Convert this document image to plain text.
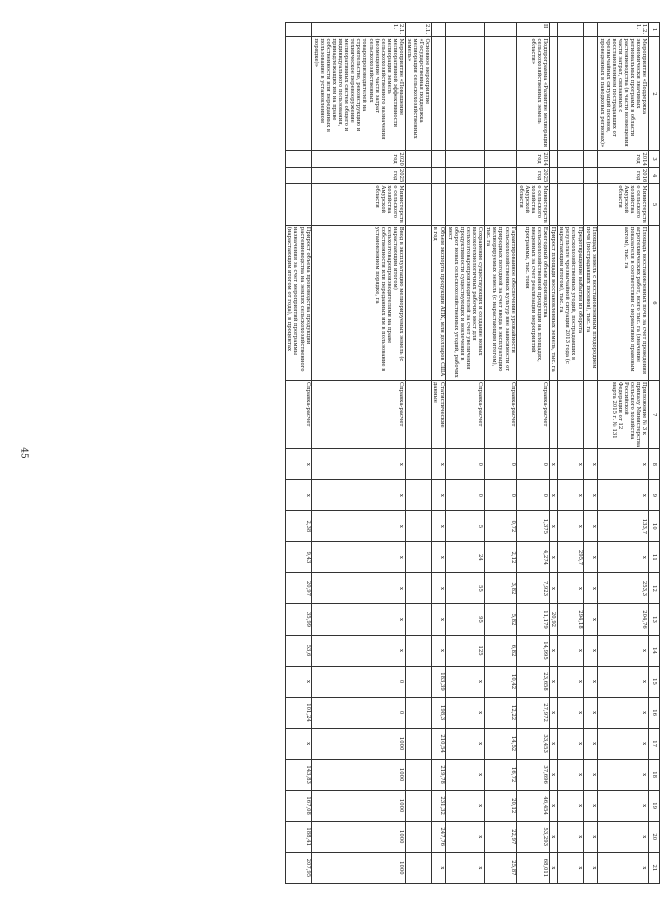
45
1	2	3	4	5	6	7	8	9	10	11	12	13	14	15	16	17	18	19	20	21
1.2.1.	Мероприятие «Поддержка экономически значимых региональных программ в области растениеводства (в части возмещения части затрат, связанных с восстановлением пострадавших от чрезвычайных ситуаций посевов, проведенных в паводковых регионах)»	2014 год	2016 год	Министерство сельского хозяйства Амурской области	Площадь восстановленных почв за счет проведения агротехнических работ, всего тыс. га (значение показателя в соответствии с нормативно правовым актом), тыс. га	Приложение № 3 к приказу Министерства сельского хозяйства Российской Федерации от 12 марта 2015 г. № 131	x	x	133,7	x	253,3	204,76	x	x	x	x	x	x	x	x
					Площадь земель с восстановленным плодородием почв (пострадавших посевов), тыс. га		x	x	x	x	x	x	x	x	x	x	x	x	x	x
					Предотвращение выбытия из оборота сельскохозяйственных угодий, пострадавших в результате чрезвычайной ситуации 2013 года (с нарастающим итогом), тыс. га		x	x	x	295,7	x	294,18	x	x	x	x	x	x	x	x
					Прирост площади восстановленных земель, тыс. га		x	x	x	x	x	20,92	x	x	x	x	x	x	x	x
II	Подпрограмма «Развитие мелиорации сельскохозяйственных земель области»	2014 год	2025 год	Министерство сельского хозяйства Амурской области	Ежегодный объем производства сельскохозяйственной продукции на площадях, введенных за счет реализации мероприятий программы, тыс. тонн	Справка-расчет	0	0	1,375	4,274	7,923	11,179	14,995	23,658	27,972	33,453	37,696	46,454	53,293	68,011
					Гарантированное обеспечение урожайности сельскохозяйственных культур вне зависимости от природных погодной за счет ввода в эксплуатацию мелиорируемых земель (с нарастающим итогом), тыс. га	Справка-расчет	0	0	0,72	2,12	3,82	5,82	6,82	10,42	12,22	14,52	16,72	20,12	22,97	25,87
					Сохранение существующих и создание новых высокотехнологичных рабочих мест для сельхозтоваропроизводителей за счет увеличения продуктивности существующих и вовлечения в оборот новых сельскохозяйственных угодий, рабочих мест	Справка-расчет	0	0	5	24	55	95	125	x	x	x	x	x	x	x
					Объем экспорта продукции АПК, млн долларов США в год	Статистические данные	x	x	x	x	x	x	x	183,39	198,3	210,54	219,78	231,32	247,76	x
2.1.	Основное мероприятие «Государственная поддержка мелиорации сельскохозяйственных земель»																			
2.1.1.	Мероприятие «Повышение мелиоративной эффективности мелиорации земель сельскохозяйственного назначения (возмещение части затрат сельскохозяйственных товаропроизводителей на строительство, реконструкцию и техническое перевооружение мелиоративных систем общего и индивидуального пользования, принадлежащих им на праве собственности или переданных в пользование в установленном порядке)»	2020 год	2025 год	Министерство сельского хозяйства Амурской области	Ввод в эксплуатацию мелиорируемых земель (с нарастающим итогом) сельхозтоваропроизводителями на праве собственности или переданных им в пользование в установленном порядке, га	Справка-расчет	x	x	x	x	x	x	x	0	0	1000	1000	1000	1000	1000
					Прирост объема производства продукции растениеводства на землях сельскохозяйственного назначения за счет мероприятий программы (нарастающим итогом от года), в процентах	Справка-расчет	x	x	2,38	9,43	20,97	35,99	53,6	x	101,24	x	143,83	167,08	188,41	207,95
